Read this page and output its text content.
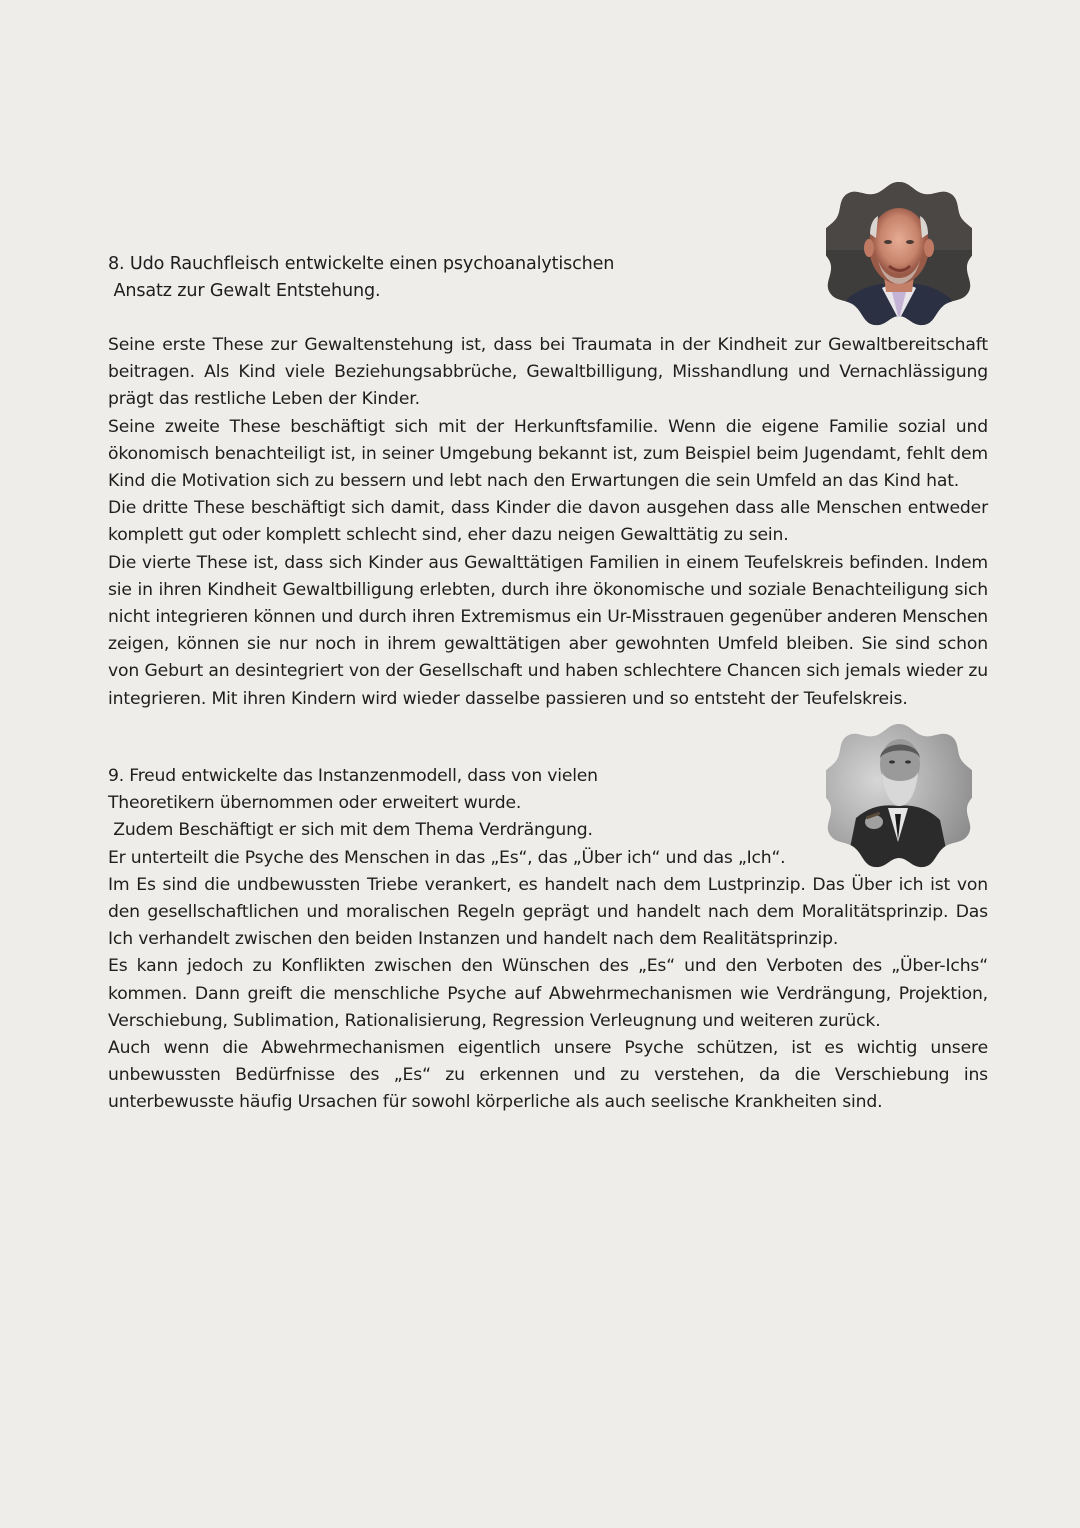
8. Udo Rauchfleisch entwickelte einen psychoanalytischen
Ansatz zur Gewalt Entstehung.
Seine erste These zur Gewaltenstehung ist, dass bei Traumata in der Kindheit zur Gewaltbereitschaft beitragen. Als Kind viele Beziehungsabbrüche, Gewaltbilligung, Misshandlung und Vernachlässigung prägt das restliche Leben der Kinder.
Seine zweite These beschäftigt sich mit der Herkunftsfamilie. Wenn die eigene Familie sozial und ökonomisch benachteiligt ist, in seiner Umgebung bekannt ist, zum Beispiel beim Jugendamt, fehlt dem Kind die Motivation sich zu bessern und lebt nach den Erwartungen die sein Umfeld an das Kind hat.
Die dritte These beschäftigt sich damit, dass Kinder die davon ausgehen dass alle Menschen entweder komplett gut oder komplett schlecht sind, eher dazu neigen Gewalttätig zu sein.
Die vierte These ist, dass sich Kinder aus Gewalttätigen Familien in einem Teufelskreis befinden. Indem sie in ihren Kindheit Gewaltbilligung erlebten, durch ihre ökonomische und soziale Benachteiligung sich nicht integrieren können und durch ihren Extremismus ein Ur-Misstrauen gegenüber anderen Menschen zeigen, können sie nur noch in ihrem gewalttätigen aber gewohnten Umfeld bleiben. Sie sind schon von Geburt an desintegriert von der Gesellschaft und haben schlechtere Chancen sich jemals wieder zu integrieren. Mit ihren Kindern wird wieder dasselbe passieren und so entsteht der Teufelskreis.
9. Freud entwickelte das Instanzenmodell, dass von vielen
Theoretikern übernommen oder erweitert wurde.
Zudem Beschäftigt er sich mit dem Thema Verdrängung.
Er unterteilt die Psyche des Menschen in das „Es“, das „Über ich“ und das „Ich“.
Im Es sind die undbewussten Triebe verankert, es handelt nach dem Lustprinzip. Das Über ich ist von den gesellschaftlichen und moralischen Regeln geprägt und handelt nach dem Moralitätsprinzip. Das Ich verhandelt zwischen den beiden Instanzen und handelt nach dem Realitätsprinzip.
Es kann jedoch zu Konflikten zwischen den Wünschen des „Es“ und den Verboten des „Über-Ichs“ kommen. Dann greift die menschliche Psyche auf Abwehrmechanismen wie Verdrängung, Projektion, Verschiebung, Sublimation, Rationalisierung, Regression Verleugnung und weiteren zurück.
Auch wenn die Abwehrmechanismen eigentlich unsere Psyche schützen, ist es wichtig unsere unbewussten Bedürfnisse des „Es“ zu erkennen und zu verstehen, da die Verschiebung ins unterbewusste häufig Ursachen für sowohl körperliche als auch seelische Krankheiten sind.
